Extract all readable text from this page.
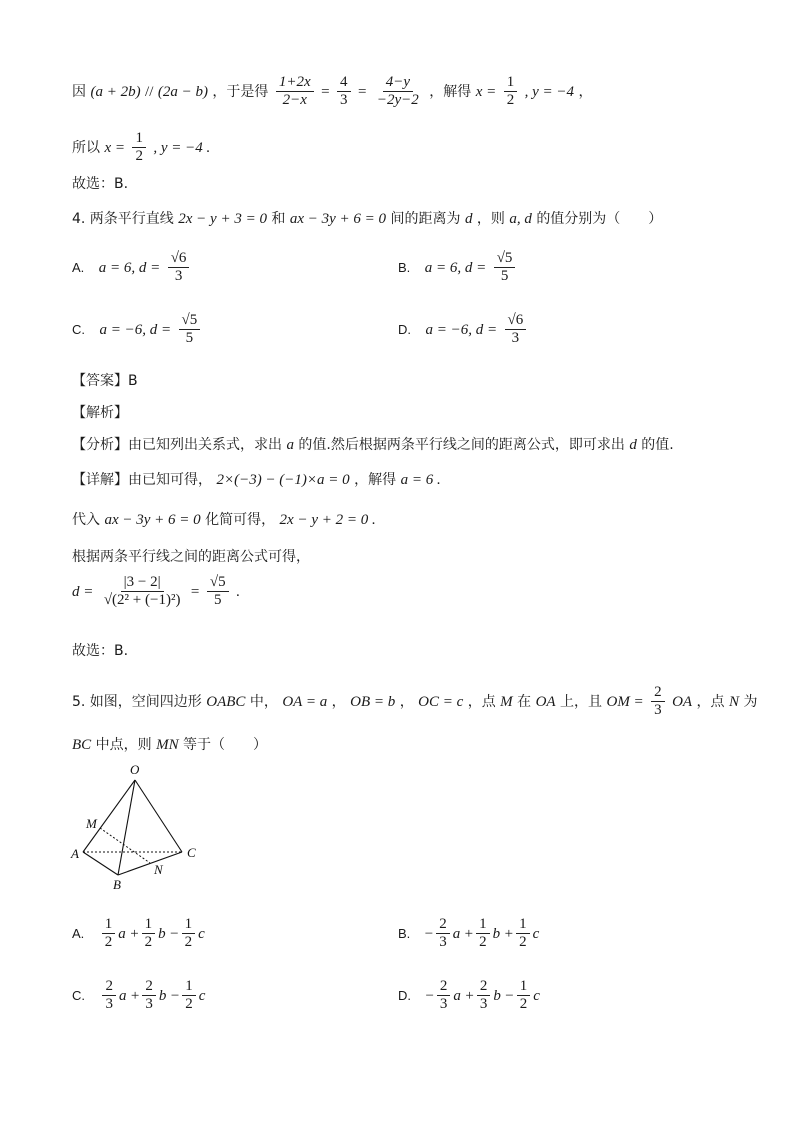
因 (a + 2b) // (2a − b) ，于是得 $\frac{1+2x}{2-x} = \frac{4}{3} = \frac{4-y}{-2y-2}$ ，解得 $x = \frac{1}{2}$ , y = −4 ，
所以 $x = \frac{1}{2}$ , y = −4 .
故选：B.
4. 两条平行直线 2x − y + 3 = 0 和 ax − 3y + 6 = 0 间的距离为 d ，则 a, d 的值分别为（　　）
A. a = 6, $d = \frac{√6}{3}$	B. a = 6, $d = \frac{√5}{5}$
C. a = −6, $d = \frac{√5}{5}$	D. a = −6, $d = \frac{√6}{3}$
【答案】B
【解析】
【分析】由已知列出关系式，求出 a 的值.然后根据两条平行线之间的距离公式，即可求出 d 的值.
【详解】由已知可得， 2×(−3) − (−1)×a = 0 ，解得 a = 6 .
代入 ax − 3y + 6 = 0 化简可得， 2x − y + 2 = 0 .
根据两条平行线之间的距离公式可得，
$d = \frac{|3 - 2|}{\text{√(2² + (−1)²)}} = \frac{√5}{5}$ .
故选：B.
5. 如图，空间四边形 OABC 中， OA = a ， OB = b ， OC = c ，点 M 在 OA 上，且 OM = $\frac{2}{3}$ OA ，点 N 为
BC 中点，则 MN 等于（　　）
O
M
A
B
C
N
A. $\frac{1}{2}$ $a + \frac{1}{2}$ $b - \frac{1}{2}$ c	B. − $\frac{2}{3}$ $a + \frac{1}{2}$ $b + \frac{1}{2}$ c
C. $\frac{2}{3}$ $a + \frac{2}{3}$ $b - \frac{1}{2}$ c	D. − $\frac{2}{3}$ $a + \frac{2}{3}$ $b - \frac{1}{2}$ c
